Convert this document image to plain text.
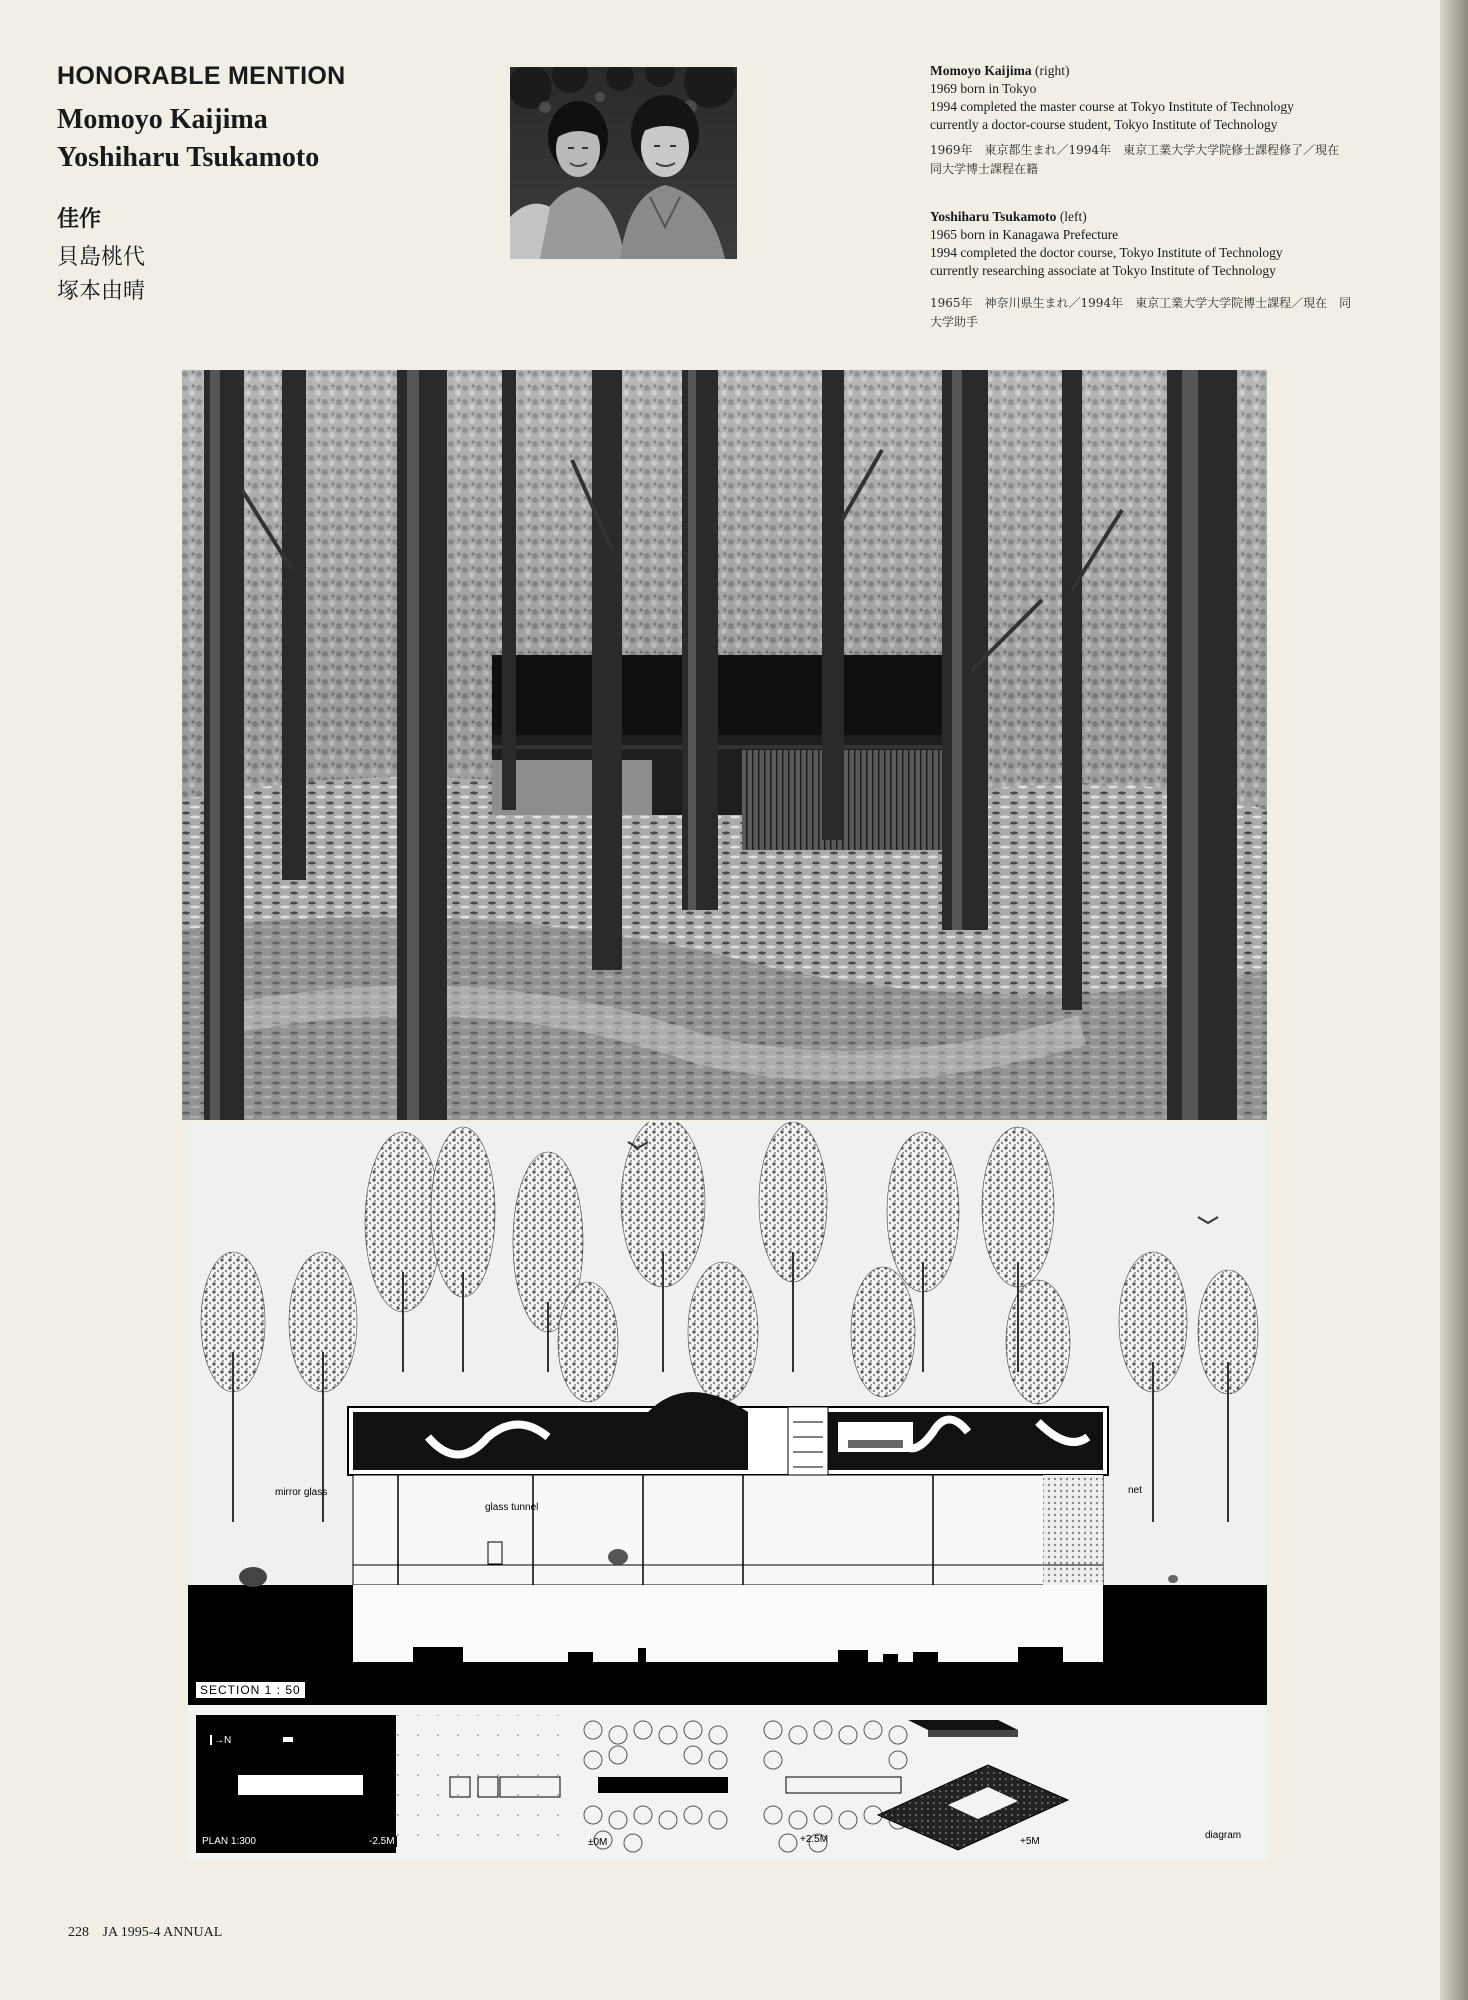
HONORABLE MENTION
Momoyo Kaijima
Yoshiharu Tsukamoto
佳作
貝島桃代
塚本由晴
Momoyo Kaijima (right)
1969 born in Tokyo
1994 completed the master course at Tokyo Institute of Technology
currently a doctor-course student, Tokyo Institute of Technology
1969年　東京都生まれ／1994年　東京工業大学大学院修士課程修了／現在
同大学博士課程在籍
Yoshiharu Tsukamoto (left)
1965 born in Kanagawa Prefecture
1994 completed the doctor course, Tokyo Institute of Technology
currently researching associate at Tokyo Institute of Technology
1965年　神奈川県生まれ／1994年　東京工業大学大学院博士課程／現在　同
大学助手
SECTION 1 : 50
mirror glass
glass tunnel
net
→N
PLAN 1:300	-2.5M	±0M	+2.5M	+5M
diagram
228 JA 1995-4 ANNUAL
